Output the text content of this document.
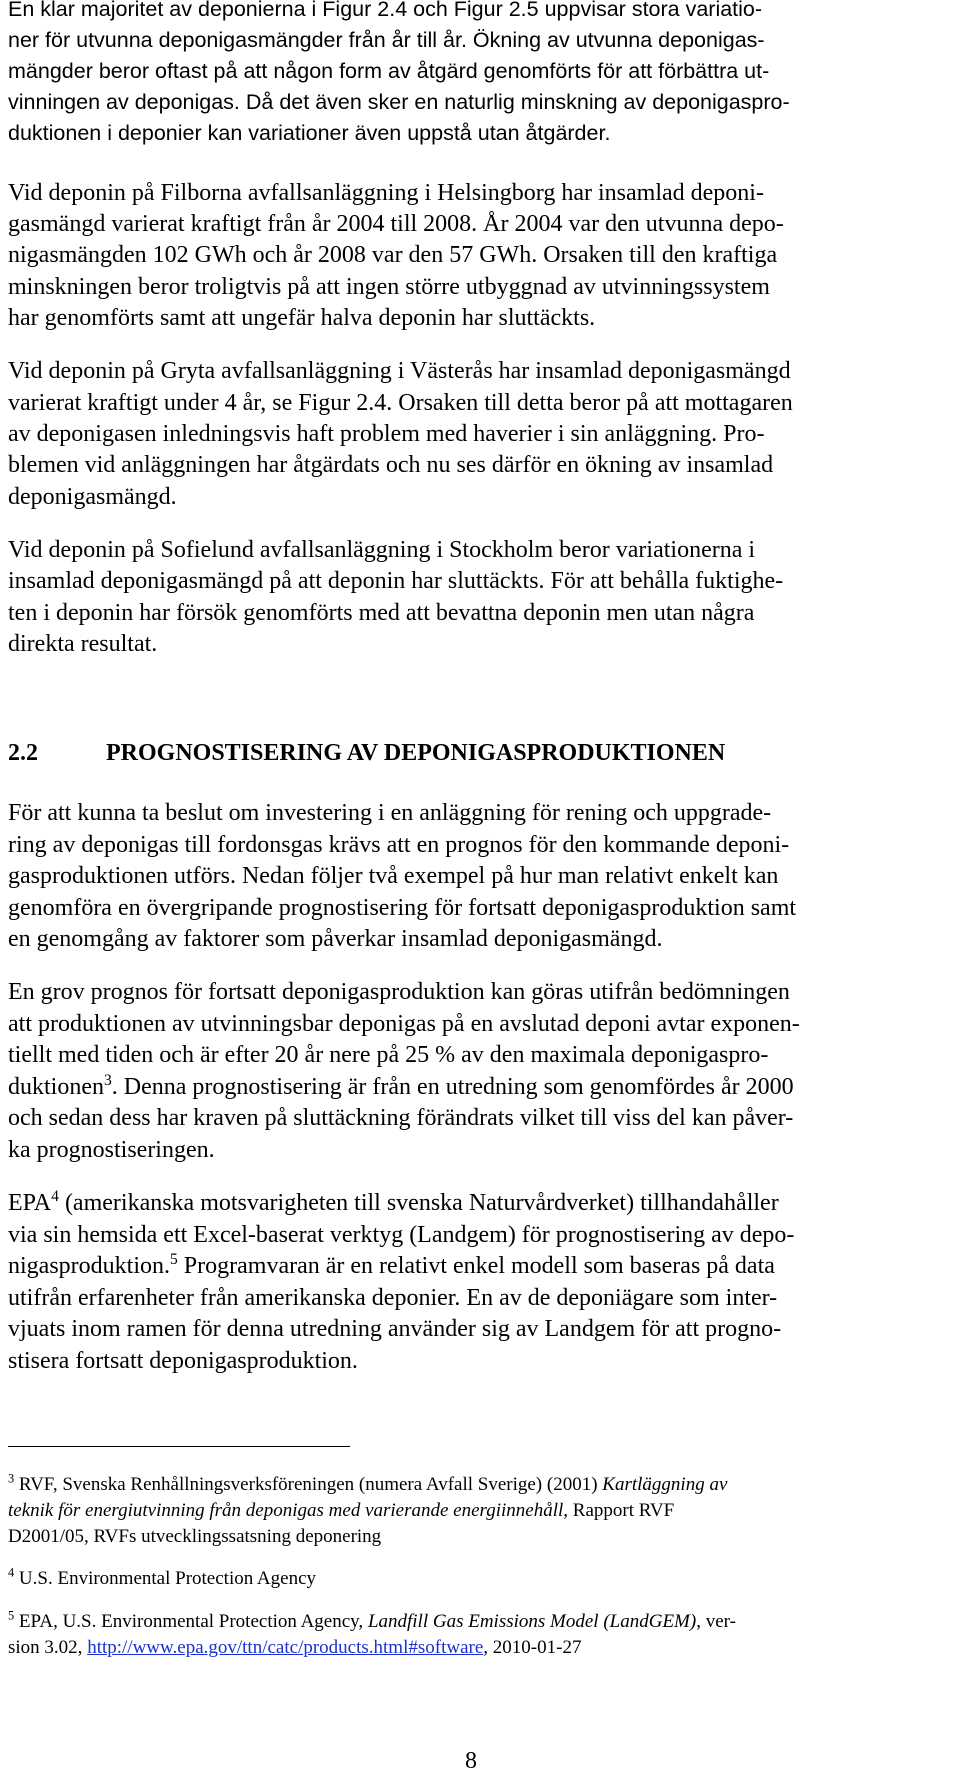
En klar majoritet av deponierna i Figur 2.4 och Figur 2.5 uppvisar stora variatio-

ner för utvunna deponigasmängder från år till år. Ökning av utvunna deponigas-

mängder beror oftast på att någon form av åtgärd genomförts för att förbättra ut-

vinningen av deponigas. Då det även sker en naturlig minskning av deponigaspro-

duktionen i deponier kan variationer även uppstå utan åtgärder.

Vid deponin på Filborna avfallsanläggning i Helsingborg har insamlad deponi-

gasmängd varierat kraftigt från år 2004 till 2008. År 2004 var den utvunna depo-

nigasmängden 102 GWh och år 2008 var den 57 GWh. Orsaken till den kraftiga

minskningen beror troligtvis på att ingen större utbyggnad av utvinningssystem

har genomförts samt att ungefär halva deponin har sluttäckts.

Vid deponin på Gryta avfallsanläggning i Västerås har insamlad deponigasmängd

varierat kraftigt under 4 år, se Figur 2.4. Orsaken till detta beror på att mottagaren

av deponigasen inledningsvis haft problem med haverier i sin anläggning. Pro-

blemen vid anläggningen har åtgärdats och nu ses därför en ökning av insamlad

deponigasmängd.

Vid deponin på Sofielund avfallsanläggning i Stockholm beror variationerna i

insamlad deponigasmängd på att deponin har sluttäckts. För att behålla fuktighe-

ten i deponin har försök genomförts med att bevattna deponin men utan några

direkta resultat.

2.2	PROGNOSTISERING AV DEPONIGASPRODUKTIONEN

För att kunna ta beslut om investering i en anläggning för rening och uppgrade-

ring av deponigas till fordonsgas krävs att en prognos för den kommande deponi-

gasproduktionen utförs. Nedan följer två exempel på hur man relativt enkelt kan

genomföra en övergripande prognostisering för fortsatt deponigasproduktion samt

en genomgång av faktorer som påverkar insamlad deponigasmängd.

En grov prognos för fortsatt deponigasproduktion kan göras utifrån bedömningen

att produktionen av utvinningsbar deponigas på en avslutad deponi avtar exponen-

tiellt med tiden och är efter 20 år nere på 25 % av den maximala deponigaspro-

duktionen$^3$. Denna prognostisering är från en utredning som genomfördes år 2000

och sedan dess har kraven på sluttäckning förändrats vilket till viss del kan påver-

ka prognostiseringen.

EPA$^4$ (amerikanska motsvarigheten till svenska Naturvårdverket) tillhandahåller

via sin hemsida ett Excel-baserat verktyg (Landgem) för prognostisering av depo-

nigasproduktion.$^5$ Programvaran är en relativt enkel modell som baseras på data

utifrån erfarenheter från amerikanska deponier. En av de deponiägare som inter-

vjuats inom ramen för denna utredning använder sig av Landgem för att progno-

stisera fortsatt deponigasproduktion.

$^3$ RVF, Svenska Renhållningsverksföreningen (numera Avfall Sverige) (2001) Kartläggning av

teknik för energiutvinning från deponigas med varierande energiinnehåll, Rapport RVF

D2001/05, RVFs utvecklingssatsning deponering

$^4$ U.S. Environmental Protection Agency

$^5$ EPA, U.S. Environmental Protection Agency, Landfill Gas Emissions Model (LandGEM), ver-

sion 3.02, http://www.epa.gov/ttn/catc/products.html#software, 2010-01-27

8
